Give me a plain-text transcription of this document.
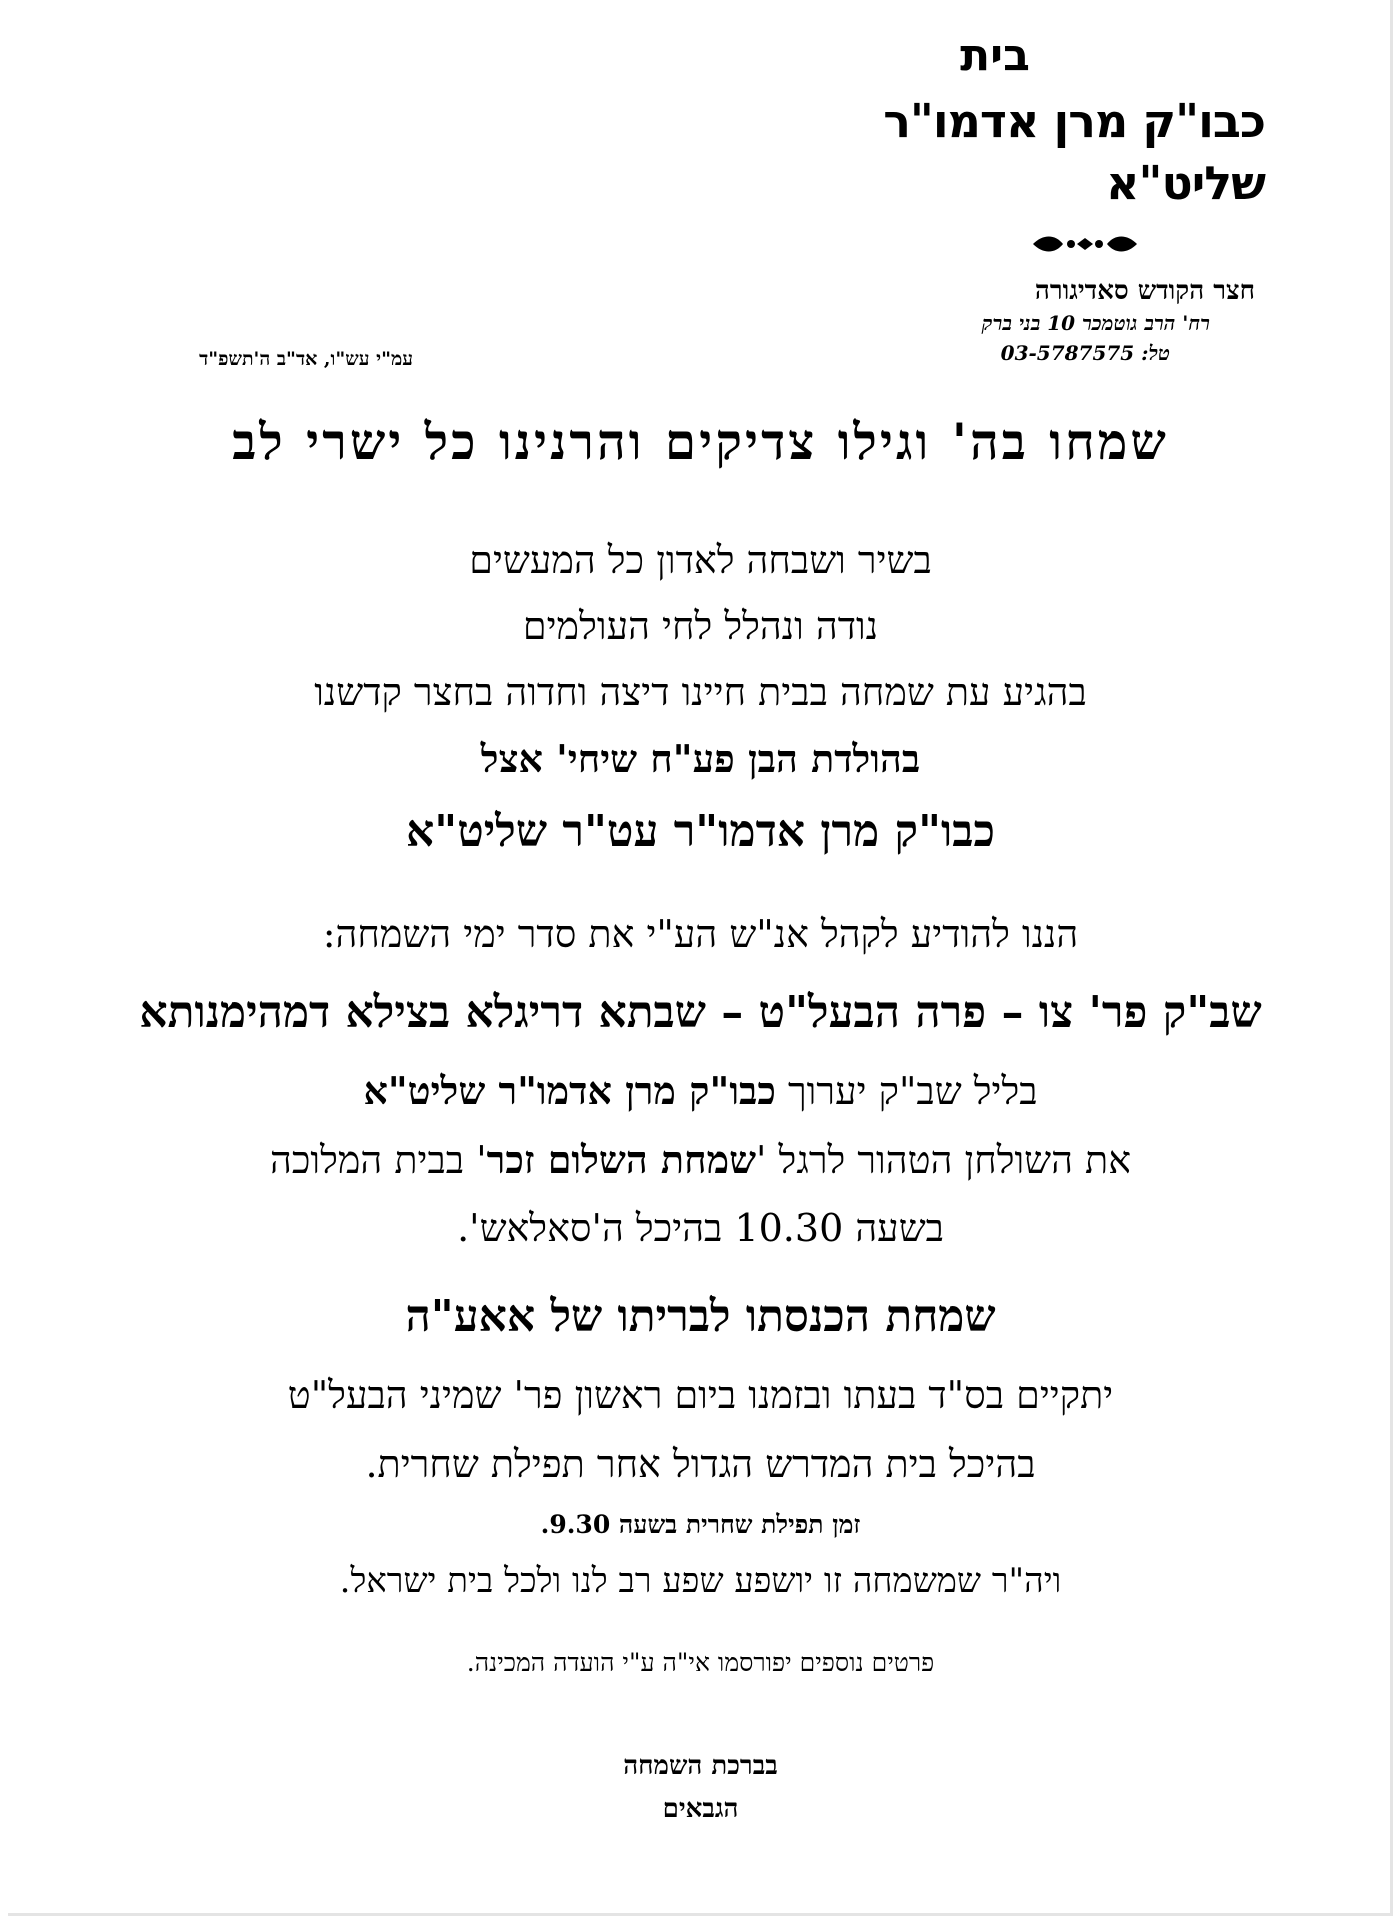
בית
כבו"ק מרן אדמו"ר שליט"א
חצר הקודש סאדיגורה
רח' הרב גוטמכר 10 בני ברק
טל: 03-5787575
עמ"י עש"ו, אד"ב ה'תשפ"ד
שמחו בה' וגילו צדיקים והרנינו כל ישרי לב
בשיר ושבחה לאדון כל המעשים
נודה ונהלל לחי העולמים
בהגיע עת שמחה בבית חיינו דיצה וחדוה בחצר קדשנו
בהולדת הבן פע"ח שיחי' אצל
כבו"ק מרן אדמו"ר עט"ר שליט"א
הננו להודיע לקהל אנ"ש הע"י את סדר ימי השמחה:
שב"ק פר' צו – פרה הבעל"ט – שבתא דריגלא בצילא דמהימנותא
בליל שב"ק יערוך כבו"ק מרן אדמו"ר שליט"א
את השולחן הטהור לרגל 'שמחת השלום זכר' בבית המלוכה
בשעה 10.30 בהיכל ה'סאלאש'.
שמחת הכנסתו לבריתו של אאע"ה
יתקיים בס"ד בעתו ובזמנו ביום ראשון פר' שמיני הבעל"ט
בהיכל בית המדרש הגדול אחר תפילת שחרית.
זמן תפילת שחרית בשעה 9.30.
ויה"ר שמשמחה זו יושפע שפע רב לנו ולכל בית ישראל.
פרטים נוספים יפורסמו אי"ה ע"י הועדה המכינה.
בברכת השמחה
הגבאים
